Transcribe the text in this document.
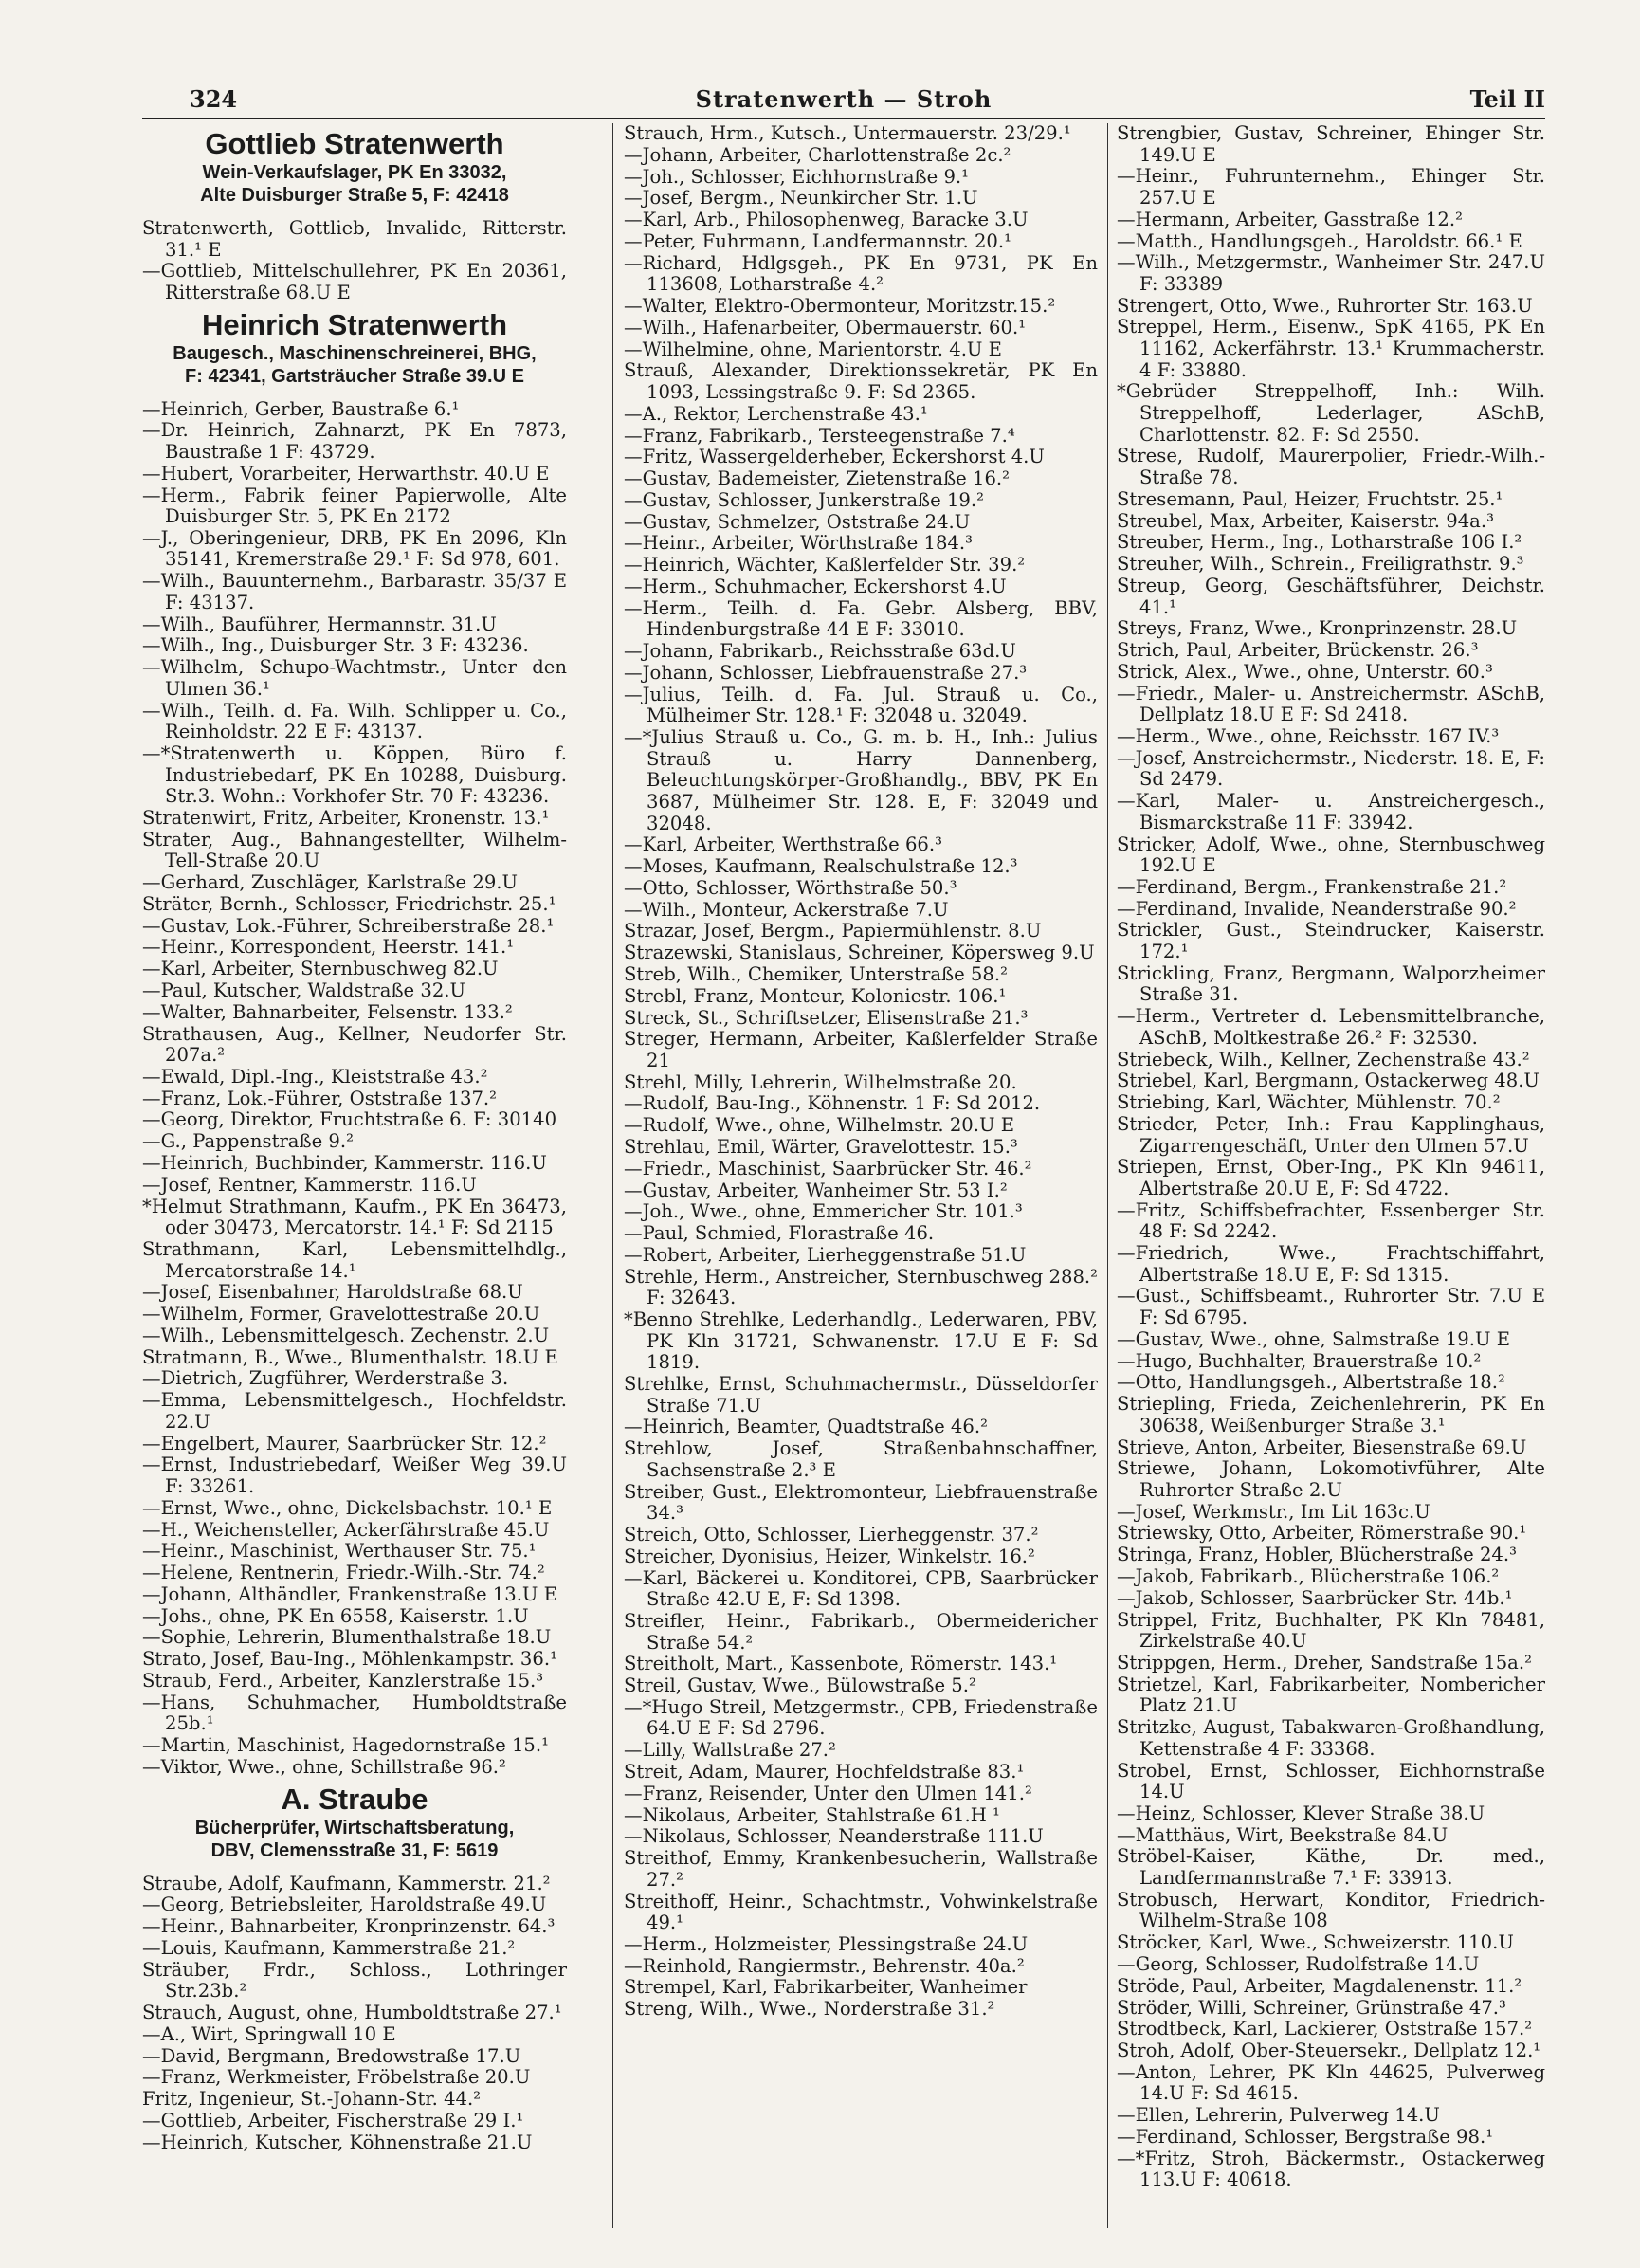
324	Stratenwerth — Stroh	Teil II
Gottlieb Stratenwerth
Wein-Verkaufslager, PK En 33032,
Alte Duisburger Straße 5, F: 42418
Stratenwerth, Gottlieb, Invalide, Ritterstr. 31.¹ E
—Gottlieb, Mittelschullehrer, PK En 20361, Ritterstraße 68.U E
Heinrich Stratenwerth
Baugesch., Maschinenschreinerei, BHG,
F: 42341, Gartsträucher Straße 39.U E
—Heinrich, Gerber, Baustraße 6.¹
—Dr. Heinrich, Zahnarzt, PK En 7873, Baustraße 1 F: 43729.
—Hubert, Vorarbeiter, Herwarthstr. 40.U E
—Herm., Fabrik feiner Papierwolle, Alte Duisburger Str. 5, PK En 2172
—J., Oberingenieur, DRB, PK En 2096, Kln 35141, Kremerstraße 29.¹ F: Sd 978, 601.
—Wilh., Bauunternehm., Barbarastr. 35/37 E F: 43137.
—Wilh., Bauführer, Hermannstr. 31.U
—Wilh., Ing., Duisburger Str. 3 F: 43236.
—Wilhelm, Schupo-Wachtmstr., Unter den Ulmen 36.¹
—Wilh., Teilh. d. Fa. Wilh. Schlipper u. Co., Reinholdstr. 22 E F: 43137.
—*Stratenwerth u. Köppen, Büro f. Industriebedarf, PK En 10288, Duisburg. Str.3. Wohn.: Vorkhofer Str. 70 F: 43236.
Stratenwirt, Fritz, Arbeiter, Kronenstr. 13.¹
Strater, Aug., Bahnangestellter, Wilhelm-Tell-Straße 20.U
—Gerhard, Zuschläger, Karlstraße 29.U
Sträter, Bernh., Schlosser, Friedrichstr. 25.¹
—Gustav, Lok.-Führer, Schreiberstraße 28.¹
—Heinr., Korrespondent, Heerstr. 141.¹
—Karl, Arbeiter, Sternbuschweg 82.U
—Paul, Kutscher, Waldstraße 32.U
—Walter, Bahnarbeiter, Felsenstr. 133.²
Strathausen, Aug., Kellner, Neudorfer Str. 207a.²
—Ewald, Dipl.-Ing., Kleiststraße 43.²
—Franz, Lok.-Führer, Oststraße 137.²
—Georg, Direktor, Fruchtstraße 6. F: 30140
—G., Pappenstraße 9.²
—Heinrich, Buchbinder, Kammerstr. 116.U
—Josef, Rentner, Kammerstr. 116.U
*Helmut Strathmann, Kaufm., PK En 36473, oder 30473, Mercatorstr. 14.¹ F: Sd 2115
Strathmann, Karl, Lebensmittelhdlg., Mercatorstraße 14.¹
—Josef, Eisenbahner, Haroldstraße 68.U
—Wilhelm, Former, Gravelottestraße 20.U
—Wilh., Lebensmittelgesch. Zechenstr. 2.U
Stratmann, B., Wwe., Blumenthalstr. 18.U E
—Dietrich, Zugführer, Werderstraße 3.
—Emma, Lebensmittelgesch., Hochfeldstr. 22.U
—Engelbert, Maurer, Saarbrücker Str. 12.²
—Ernst, Industriebedarf, Weißer Weg 39.U F: 33261.
—Ernst, Wwe., ohne, Dickelsbachstr. 10.¹ E
—H., Weichensteller, Ackerfährstraße 45.U
—Heinr., Maschinist, Werthauser Str. 75.¹
—Helene, Rentnerin, Friedr.-Wilh.-Str. 74.²
—Johann, Althändler, Frankenstraße 13.U E
—Johs., ohne, PK En 6558, Kaiserstr. 1.U
—Sophie, Lehrerin, Blumenthalstraße 18.U
Strato, Josef, Bau-Ing., Möhlenkampstr. 36.¹
Straub, Ferd., Arbeiter, Kanzlerstraße 15.³
—Hans, Schuhmacher, Humboldtstraße 25b.¹
—Martin, Maschinist, Hagedornstraße 15.¹
—Viktor, Wwe., ohne, Schillstraße 96.²
A. Straube
Bücherprüfer, Wirtschaftsberatung,
DBV, Clemensstraße 31, F: 5619
Straube, Adolf, Kaufmann, Kammerstr. 21.²
—Georg, Betriebsleiter, Haroldstraße 49.U
—Heinr., Bahnarbeiter, Kronprinzenstr. 64.³
—Louis, Kaufmann, Kammerstraße 21.²
Sträuber, Frdr., Schloss., Lothringer Str.23b.²
Strauch, August, ohne, Humboldtstraße 27.¹
—A., Wirt, Springwall 10 E
—David, Bergmann, Bredowstraße 17.U
—Franz, Werkmeister, Fröbelstraße 20.U
Fritz, Ingenieur, St.-Johann-Str. 44.²
—Gottlieb, Arbeiter, Fischerstraße 29 I.¹
—Heinrich, Kutscher, Köhnenstraße 21.U
Strauch, Hrm., Kutsch., Untermauerstr. 23/29.¹
—Johann, Arbeiter, Charlottenstraße 2c.²
—Joh., Schlosser, Eichhornstraße 9.¹
—Josef, Bergm., Neunkircher Str. 1.U
—Karl, Arb., Philosophenweg, Baracke 3.U
—Peter, Fuhrmann, Landfermannstr. 20.¹
—Richard, Hdlgsgeh., PK En 9731, PK En 113608, Lotharstraße 4.²
—Walter, Elektro-Obermonteur, Moritzstr.15.²
—Wilh., Hafenarbeiter, Obermauerstr. 60.¹
—Wilhelmine, ohne, Marientorstr. 4.U E
Strauß, Alexander, Direktionssekretär, PK En 1093, Lessingstraße 9. F: Sd 2365.
—A., Rektor, Lerchenstraße 43.¹
—Franz, Fabrikarb., Tersteegenstraße 7.⁴
—Fritz, Wassergelderheber, Eckershorst 4.U
—Gustav, Bademeister, Zietenstraße 16.²
—Gustav, Schlosser, Junkerstraße 19.²
—Gustav, Schmelzer, Oststraße 24.U
—Heinr., Arbeiter, Wörthstraße 184.³
—Heinrich, Wächter, Kaßlerfelder Str. 39.²
—Herm., Schuhmacher, Eckershorst 4.U
—Herm., Teilh. d. Fa. Gebr. Alsberg, BBV, Hindenburgstraße 44 E F: 33010.
—Johann, Fabrikarb., Reichsstraße 63d.U
—Johann, Schlosser, Liebfrauenstraße 27.³
—Julius, Teilh. d. Fa. Jul. Strauß u. Co., Mülheimer Str. 128.¹ F: 32048 u. 32049.
—*Julius Strauß u. Co., G. m. b. H., Inh.: Julius Strauß u. Harry Dannenberg, Beleuchtungskörper-Großhandlg., BBV, PK En 3687, Mülheimer Str. 128. E, F: 32049 und 32048.
—Karl, Arbeiter, Werthstraße 66.³
—Moses, Kaufmann, Realschulstraße 12.³
—Otto, Schlosser, Wörthstraße 50.³
—Wilh., Monteur, Ackerstraße 7.U
Strazar, Josef, Bergm., Papiermühlenstr. 8.U
Strazewski, Stanislaus, Schreiner, Köpersweg 9.U
Streb, Wilh., Chemiker, Unterstraße 58.²
Strebl, Franz, Monteur, Koloniestr. 106.¹
Streck, St., Schriftsetzer, Elisenstraße 21.³
Streger, Hermann, Arbeiter, Kaßlerfelder Straße 21
Strehl, Milly, Lehrerin, Wilhelmstraße 20.
—Rudolf, Bau-Ing., Köhnenstr. 1 F: Sd 2012.
—Rudolf, Wwe., ohne, Wilhelmstr. 20.U E
Strehlau, Emil, Wärter, Gravelottestr. 15.³
—Friedr., Maschinist, Saarbrücker Str. 46.²
—Gustav, Arbeiter, Wanheimer Str. 53 I.²
—Joh., Wwe., ohne, Emmericher Str. 101.³
—Paul, Schmied, Florastraße 46.
—Robert, Arbeiter, Lierheggenstraße 51.U
Strehle, Herm., Anstreicher, Sternbuschweg 288.² F: 32643.
*Benno Strehlke, Lederhandlg., Lederwaren, PBV, PK Kln 31721, Schwanenstr. 17.U E F: Sd 1819.
Strehlke, Ernst, Schuhmachermstr., Düsseldorfer Straße 71.U
—Heinrich, Beamter, Quadtstraße 46.²
Strehlow, Josef, Straßenbahnschaffner, Sachsenstraße 2.³ E
Streiber, Gust., Elektromonteur, Liebfrauenstraße 34.³
Streich, Otto, Schlosser, Lierheggenstr. 37.²
Streicher, Dyonisius, Heizer, Winkelstr. 16.²
—Karl, Bäckerei u. Konditorei, CPB, Saarbrücker Straße 42.U E, F: Sd 1398.
Streifler, Heinr., Fabrikarb., Obermeidericher Straße 54.²
Streitholt, Mart., Kassenbote, Römerstr. 143.¹
Streil, Gustav, Wwe., Bülowstraße 5.²
—*Hugo Streil, Metzgermstr., CPB, Friedenstraße 64.U E F: Sd 2796.
—Lilly, Wallstraße 27.²
Streit, Adam, Maurer, Hochfeldstraße 83.¹
—Franz, Reisender, Unter den Ulmen 141.²
—Nikolaus, Arbeiter, Stahlstraße 61.H ¹
—Nikolaus, Schlosser, Neanderstraße 111.U
Streithof, Emmy, Krankenbesucherin, Wallstraße 27.²
Streithoff, Heinr., Schachtmstr., Vohwinkelstraße 49.¹
—Herm., Holzmeister, Plessingstraße 24.U
—Reinhold, Rangiermstr., Behrenstr. 40a.²
Strempel, Karl, Fabrikarbeiter, Wanheimer
Streng, Wilh., Wwe., Norderstraße 31.²
Strengbier, Gustav, Schreiner, Ehinger Str. 149.U E
—Heinr., Fuhrunternehm., Ehinger Str. 257.U E
—Hermann, Arbeiter, Gasstraße 12.²
—Matth., Handlungsgeh., Haroldstr. 66.¹ E
—Wilh., Metzgermstr., Wanheimer Str. 247.U F: 33389
Strengert, Otto, Wwe., Ruhrorter Str. 163.U
Streppel, Herm., Eisenw., SpK 4165, PK En 11162, Ackerfährstr. 13.¹ Krummacherstr. 4 F: 33880.
*Gebrüder Streppelhoff, Inh.: Wilh. Streppelhoff, Lederlager, ASchB, Charlottenstr. 82. F: Sd 2550.
Strese, Rudolf, Maurerpolier, Friedr.-Wilh.-Straße 78.
Stresemann, Paul, Heizer, Fruchtstr. 25.¹
Streubel, Max, Arbeiter, Kaiserstr. 94a.³
Streuber, Herm., Ing., Lotharstraße 106 I.²
Streuher, Wilh., Schrein., Freiligrathstr. 9.³
Streup, Georg, Geschäftsführer, Deichstr. 41.¹
Streys, Franz, Wwe., Kronprinzenstr. 28.U
Strich, Paul, Arbeiter, Brückenstr. 26.³
Strick, Alex., Wwe., ohne, Unterstr. 60.³
—Friedr., Maler- u. Anstreichermstr. ASchB, Dellplatz 18.U E F: Sd 2418.
—Herm., Wwe., ohne, Reichsstr. 167 IV.³
—Josef, Anstreichermstr., Niederstr. 18. E, F: Sd 2479.
—Karl, Maler- u. Anstreichergesch., Bismarckstraße 11 F: 33942.
Stricker, Adolf, Wwe., ohne, Sternbuschweg 192.U E
—Ferdinand, Bergm., Frankenstraße 21.²
—Ferdinand, Invalide, Neanderstraße 90.²
Strickler, Gust., Steindrucker, Kaiserstr. 172.¹
Strickling, Franz, Bergmann, Walporzheimer Straße 31.
—Herm., Vertreter d. Lebensmittelbranche, ASchB, Moltkestraße 26.² F: 32530.
Striebeck, Wilh., Kellner, Zechenstraße 43.²
Striebel, Karl, Bergmann, Ostackerweg 48.U
Striebing, Karl, Wächter, Mühlenstr. 70.²
Strieder, Peter, Inh.: Frau Kapplinghaus, Zigarrengeschäft, Unter den Ulmen 57.U
Striepen, Ernst, Ober-Ing., PK Kln 94611, Albertstraße 20.U E, F: Sd 4722.
—Fritz, Schiffsbefrachter, Essenberger Str. 48 F: Sd 2242.
—Friedrich, Wwe., Frachtschiffahrt, Albertstraße 18.U E, F: Sd 1315.
—Gust., Schiffsbeamt., Ruhrorter Str. 7.U E F: Sd 6795.
—Gustav, Wwe., ohne, Salmstraße 19.U E
—Hugo, Buchhalter, Brauerstraße 10.²
—Otto, Handlungsgeh., Albertstraße 18.²
Striepling, Frieda, Zeichenlehrerin, PK En 30638, Weißenburger Straße 3.¹
Strieve, Anton, Arbeiter, Biesenstraße 69.U
Striewe, Johann, Lokomotivführer, Alte Ruhrorter Straße 2.U
—Josef, Werkmstr., Im Lit 163c.U
Striewsky, Otto, Arbeiter, Römerstraße 90.¹
Stringa, Franz, Hobler, Blücherstraße 24.³
—Jakob, Fabrikarb., Blücherstraße 106.²
—Jakob, Schlosser, Saarbrücker Str. 44b.¹
Strippel, Fritz, Buchhalter, PK Kln 78481, Zirkelstraße 40.U
Strippgen, Herm., Dreher, Sandstraße 15a.²
Strietzel, Karl, Fabrikarbeiter, Nombericher Platz 21.U
Stritzke, August, Tabakwaren-Großhandlung, Kettenstraße 4 F: 33368.
Strobel, Ernst, Schlosser, Eichhornstraße 14.U
—Heinz, Schlosser, Klever Straße 38.U
—Matthäus, Wirt, Beekstraße 84.U
Ströbel-Kaiser, Käthe, Dr. med., Landfermannstraße 7.¹ F: 33913.
Strobusch, Herwart, Konditor, Friedrich-Wilhelm-Straße 108
Ströcker, Karl, Wwe., Schweizerstr. 110.U
—Georg, Schlosser, Rudolfstraße 14.U
Ströde, Paul, Arbeiter, Magdalenenstr. 11.²
Ströder, Willi, Schreiner, Grünstraße 47.³
Strodtbeck, Karl, Lackierer, Oststraße 157.²
Stroh, Adolf, Ober-Steuersekr., Dellplatz 12.¹
—Anton, Lehrer, PK Kln 44625, Pulverweg 14.U F: Sd 4615.
—Ellen, Lehrerin, Pulverweg 14.U
—Ferdinand, Schlosser, Bergstraße 98.¹
—*Fritz, Stroh, Bäckermstr., Ostackerweg 113.U F: 40618.
